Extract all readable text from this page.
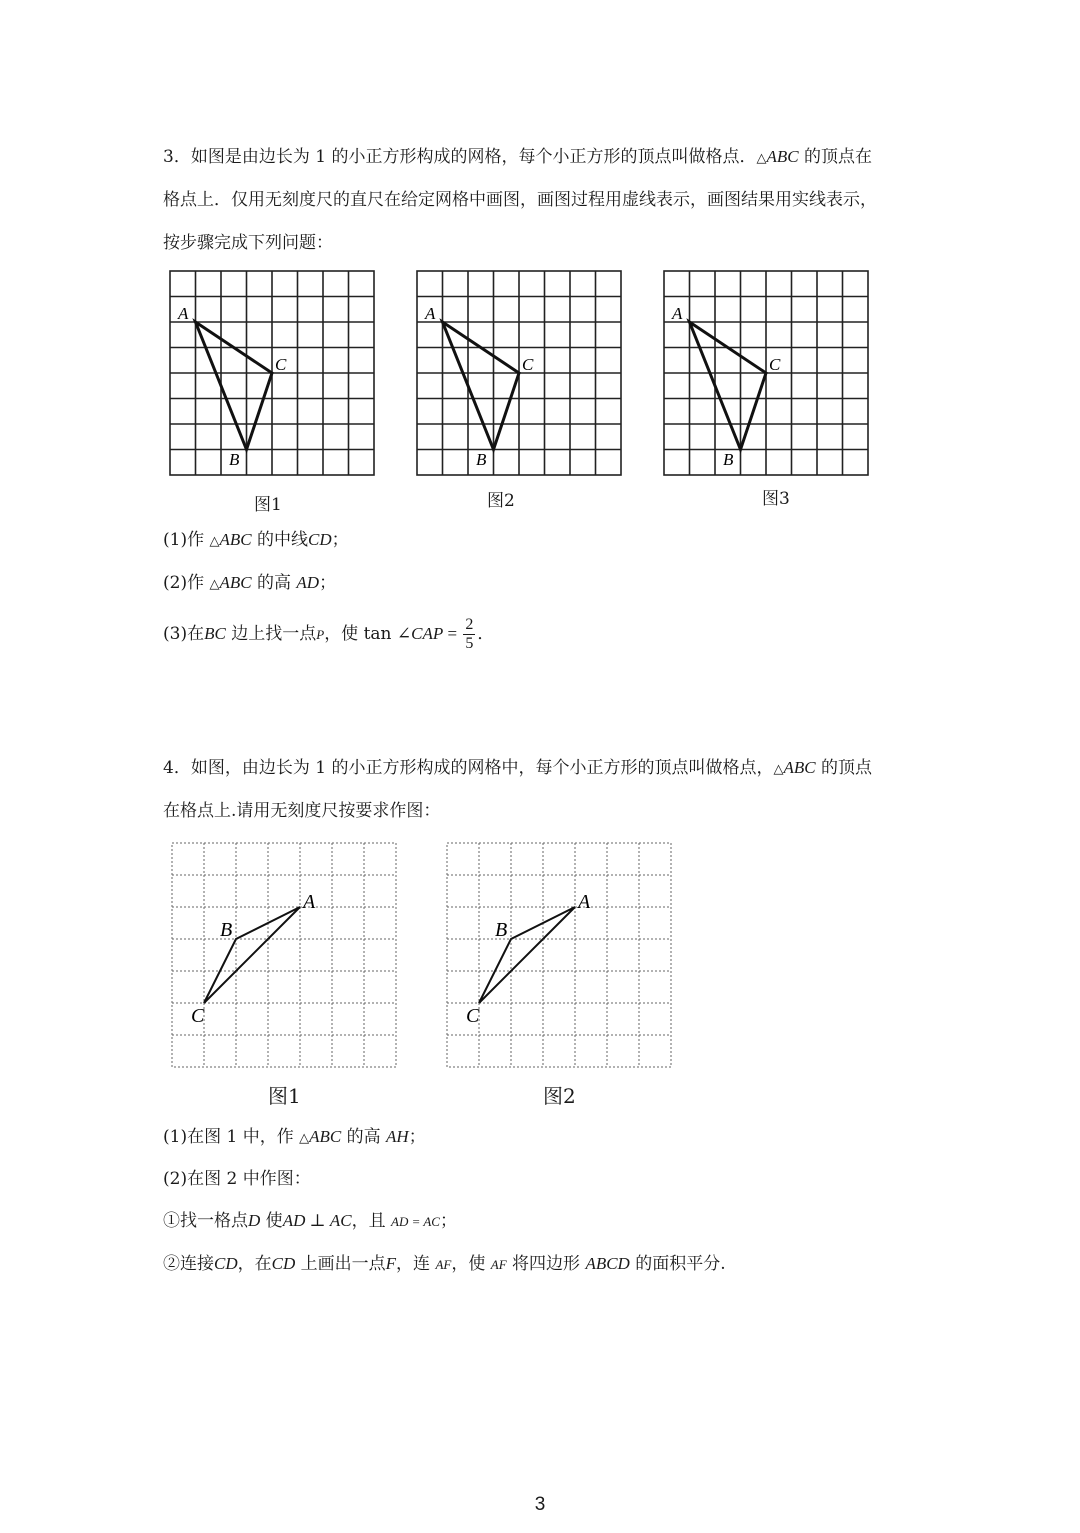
3．如图是由边长为 1 的小正方形构成的网格，每个小正方形的顶点叫做格点．△ABC 的顶点在
格点上．仅用无刻度尺的直尺在给定网格中画图，画图过程用虚线表示，画图结果用实线表示，
按步骤完成下列问题：
A
C
B
图1
A
C
B
图2
A
C
B
图3
(1)作 △ABC 的中线CD；
(2)作 △ABC 的高 AD；
(3)在BC 边上找一点P，使 tan ∠CAP = $\frac{2}{5}$ ．
4．如图，由边长为 1 的小正方形构成的网格中，每个小正方形的顶点叫做格点，△ABC 的顶点
在格点上.请用无刻度尺按要求作图：
A
B
C
图1
A
B
C
图2
(1)在图 1 中，作 △ABC 的高 AH；
(2)在图 2 中作图：
①找一格点D 使AD ⊥ AC，且 AD = AC；
②连接CD，在CD 上画出一点F，连 AF，使 AF 将四边形 ABCD 的面积平分.
3
